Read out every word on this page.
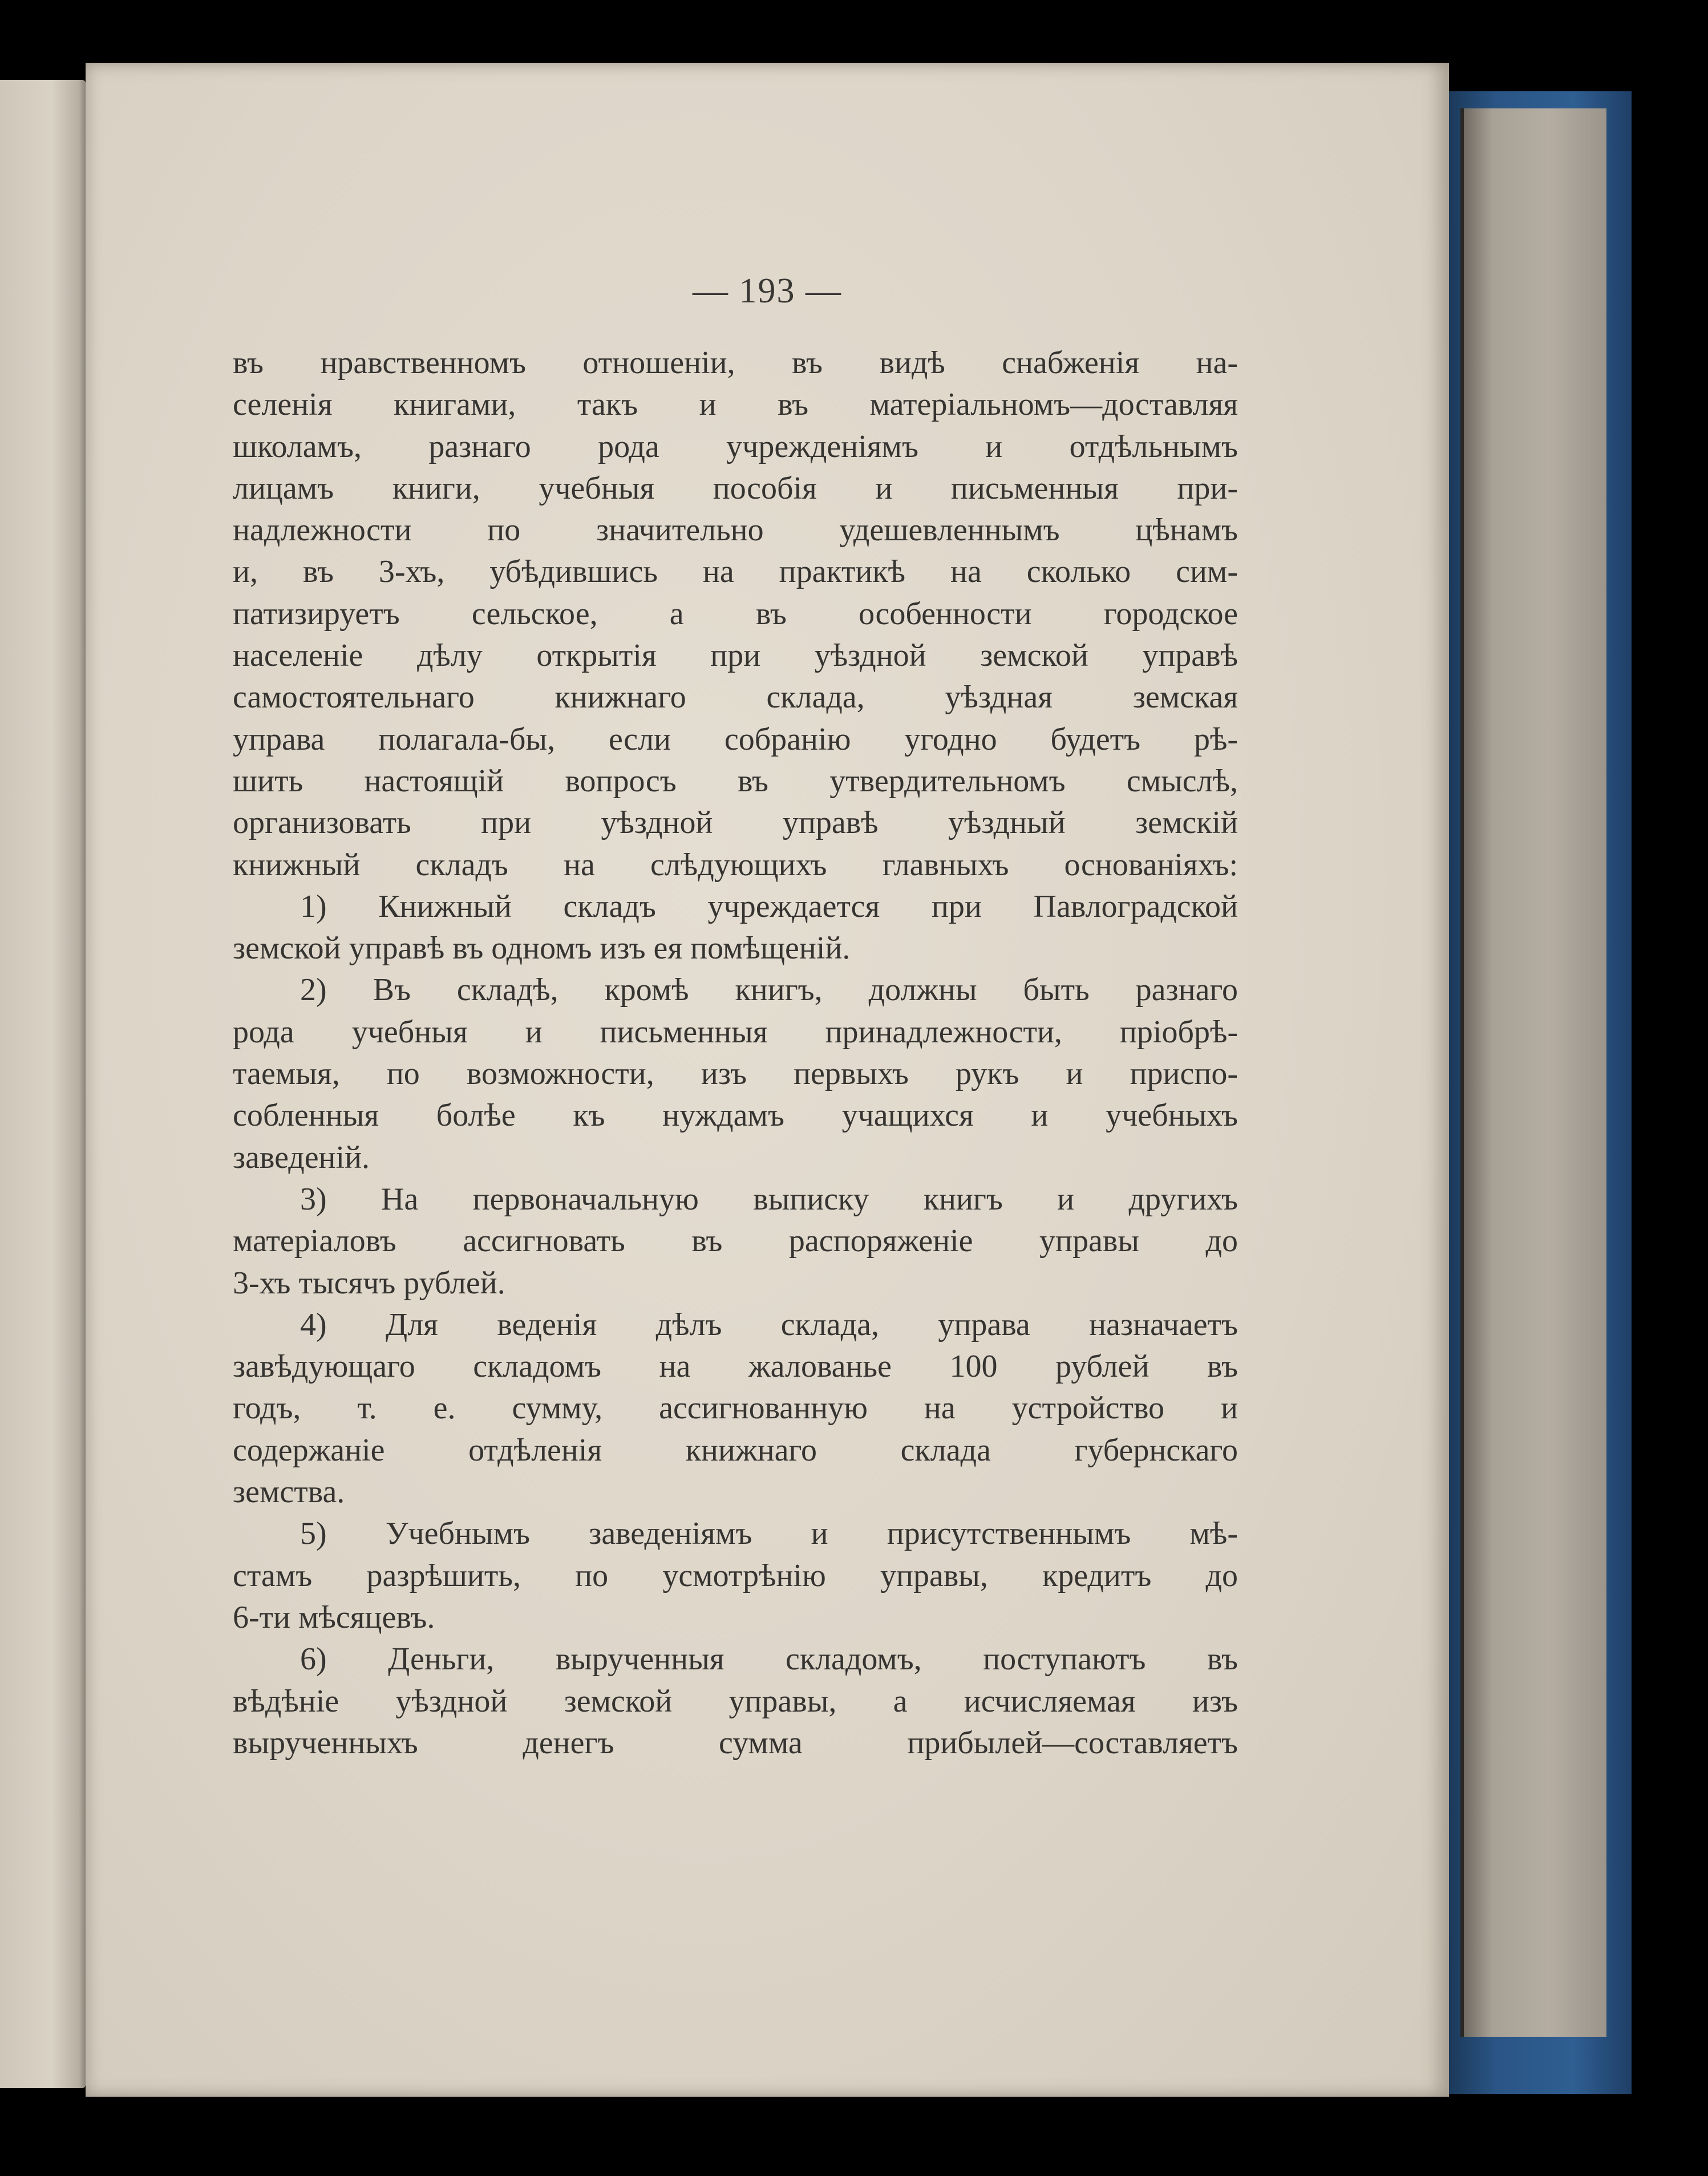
— 193 —
въ нравственномъ отношеніи, въ видѣ снабженія на-
селенія книгами, такъ и въ матеріальномъ—доставляя
школамъ, разнаго рода учрежденіямъ и отдѣльнымъ
лицамъ книги, учебныя пособія и письменныя при-
надлежности по значительно удешевленнымъ цѣнамъ
и, въ 3-хъ, убѣдившись на практикѣ на сколько сим-
патизируетъ сельское, а въ особенности городское
населеніе дѣлу открытія при уѣздной земской управѣ
самостоятельнаго книжнаго склада, уѣздная земская
управа полагала-бы, если собранію угодно будетъ рѣ-
шить настоящій вопросъ въ утвердительномъ смыслѣ,
организовать при уѣздной управѣ уѣздный земскій
книжный складъ на слѣдующихъ главныхъ основаніяхъ:
1) Книжный складъ учреждается при Павлоградской
земской управѣ въ одномъ изъ ея помѣщеній.
2) Въ складѣ, кромѣ книгъ, должны быть разнаго
рода учебныя и письменныя принадлежности, пріобрѣ-
таемыя, по возможности, изъ первыхъ рукъ и приспо-
собленныя болѣе къ нуждамъ учащихся и учебныхъ
заведеній.
3) На первоначальную выписку книгъ и другихъ
матеріаловъ ассигновать въ распоряженіе управы до
3-хъ тысячъ рублей.
4) Для веденія дѣлъ склада, управа назначаетъ
завѣдующаго складомъ на жалованье 100 рублей въ
годъ, т. е. сумму, ассигнованную на устройство и
содержаніе отдѣленія книжнаго склада губернскаго
земства.
5) Учебнымъ заведеніямъ и присутственнымъ мѣ-
стамъ разрѣшить, по усмотрѣнію управы, кредитъ до
6-ти мѣсяцевъ.
6) Деньги, вырученныя складомъ, поступаютъ въ
вѣдѣніе уѣздной земской управы, а исчисляемая изъ
вырученныхъ денегъ сумма прибылей—составляетъ
